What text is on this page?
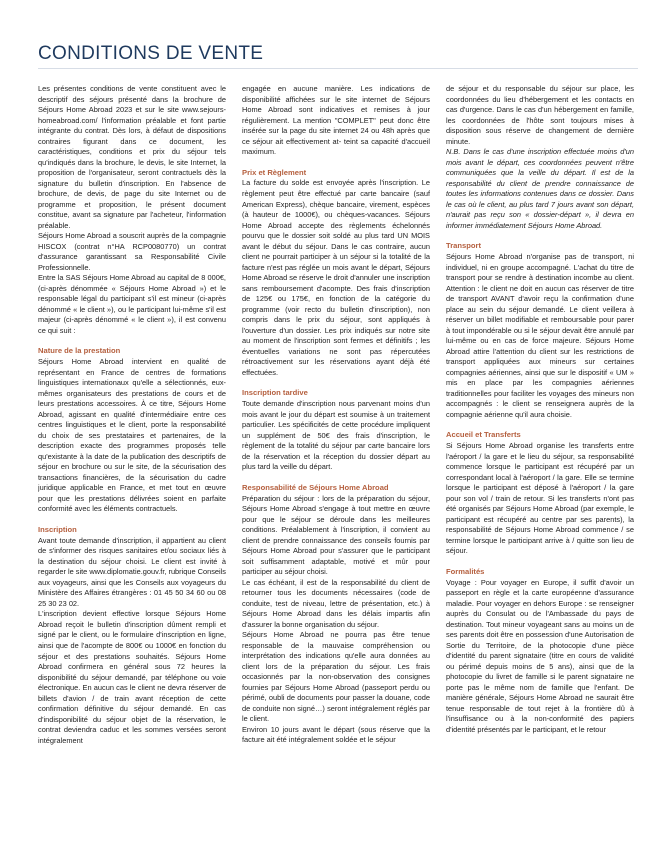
CONDITIONS DE VENTE

Les présentes conditions de vente constituent avec le descriptif des séjours présenté dans la brochure de Séjours Home Abroad 2023 et sur le site www.sejours-homeabroad.com/ l'information préalable et font partie intégrante du contrat. Dès lors, à défaut de dispositions contraires figurant dans ce document, les caractéristiques, conditions et prix du séjour tels qu'indiqués dans la brochure, le devis, le site Internet, la proposition de l'organisateur, seront contractuels dès la signature du bulletin d'inscription. En l'absence de brochure, de devis, de page du site Internet ou de programme et proposition, le présent document constitue, avant sa signature par l'acheteur, l'information préalable.

Séjours Home Abroad a souscrit auprès de la compagnie HISCOX (contrat n°HA RCP0080770) un contrat d'assurance garantissant sa Responsabilité Civile Professionnelle.

Entre la SAS Séjours Home Abroad au capital de 8 000€, (ci-après dénommée « Séjours Home Abroad ») et le responsable légal du participant s'il est mineur (ci-après dénommé « le client »), ou le participant lui-même s'il est majeur (ci-après dénommé « le client »), il est convenu ce qui suit :

Nature de la prestation

Séjours Home Abroad intervient en qualité de représentant en France de centres de formations linguistiques internationaux qu'elle a sélectionnés, eux-mêmes organisateurs des prestations de cours et de leurs prestations accessoires. À ce titre, Séjours Home Abroad, agissant en qualité d'intermédiaire entre ces centres linguistiques et le client, porte la responsabilité du choix de ses prestataires et partenaires, de la description exacte des programmes proposés telle qu'existante à la date de la publication des descriptifs de séjour en brochure ou sur le site, de la sécurisation des transactions financières, de la sécurisation du cadre juridique applicable en France, et met tout en œuvre pour que les prestations délivrées soient en parfaite conformité avec les éléments contractuels.

Inscription

Avant toute demande d'inscription, il appartient au client de s'informer des risques sanitaires et/ou sociaux liés à la destination du séjour choisi. Le client est invité à regarder le site www.diplomatie.gouv.fr, rubrique Conseils aux voyageurs, ainsi que les Conseils aux voyageurs du Ministère des Affaires étrangères : 01 45 50 34 60 ou 08 25 30 23 02.

L'inscription devient effective lorsque Séjours Home Abroad reçoit le bulletin d'inscription dûment rempli et signé par le client, ou le formulaire d'inscription en ligne, ainsi que de l'acompte de 800€ ou 1000€ en fonction du séjour et des prestations souhaités. Séjours Home Abroad confirmera en général sous 72 heures la disponibilité du séjour demandé, par téléphone ou voie électronique. En aucun cas le client ne devra réserver de billets d'avion / de train avant réception de cette confirmation définitive du séjour demandé. En cas d'indisponibilité du séjour objet de la réservation, le contrat deviendra caduc et les sommes versées seront intégralement

engagée en aucune manière. Les indications de disponibilité affichées sur le site internet de Séjours Home Abroad sont indicatives et remises à jour régulièrement. La mention "COMPLET" peut donc être insérée sur la page du site internet 24 ou 48h après que ce séjour ait effectivement at- teint sa capacité d'accueil maximum.

Prix et Règlement

La facture du solde est envoyée après l'inscription. Le règlement peut être effectué par carte bancaire (sauf American Express), chèque bancaire, virement, espèces (à hauteur de 1000€), ou chèques-vacances. Séjours Home Abroad accepte des règlements échelonnés pourvu que le dossier soit soldé au plus tard UN MOIS avant le début du séjour. Dans le cas contraire, aucun client ne pourrait participer à un séjour si la totalité de la facture n'est pas réglée un mois avant le départ, Séjours Home Abroad se réserve le droit d'annuler une inscription sans remboursement d'acompte. Des frais d'inscription de 125€ ou 175€, en fonction de la catégorie du programme (voir recto du bulletin d'inscription), non compris dans le prix du séjour, sont appliqués à l'ouverture d'un dossier. Les prix indiqués sur notre site au moment de l'inscription sont fermes et définitifs ; les éventuelles variations ne sont pas répercutées rétroactivement sur les réservations ayant déjà été effectuées.

Inscription tardive

Toute demande d'inscription nous parvenant moins d'un mois avant le jour du départ est soumise à un traitement particulier. Les spécificités de cette procédure impliquent un supplément de 50€ des frais d'inscription, le règlement de la totalité du séjour par carte bancaire lors de la réservation et la réception du dossier départ au plus tard la veille du départ.

Responsabilité de Séjours Home Abroad

Préparation du séjour : lors de la préparation du séjour, Séjours Home Abroad s'engage à tout mettre en œuvre pour que le séjour se déroule dans les meilleures conditions. Préalablement à l'inscription, il convient au client de prendre connaissance des conseils fournis par Séjours Home Abroad pour s'assurer que le participant soit suffisamment adaptable, motivé et mûr pour participer au séjour choisi.

Le cas échéant, il est de la responsabilité du client de retourner tous les documents nécessaires (code de conduite, test de niveau, lettre de présentation, etc.) à Séjours Home Abroad dans les délais impartis afin d'assurer la bonne organisation du séjour.

Séjours Home Abroad ne pourra pas être tenue responsable de la mauvaise compréhension ou interprétation des indications qu'elle aura données au client lors de la préparation du séjour. Les frais occasionnés par la non-observation des consignes fournies par Séjours Home Abroad (passeport perdu ou périmé, oubli de documents pour passer la douane, code de conduite non signé…) seront intégralement réglés par le client.

Environ 10 jours avant le départ (sous réserve que la facture ait été intégralement soldée et le séjour

de séjour et du responsable du séjour sur place, les coordonnées du lieu d'hébergement et les contacts en cas d'urgence. Dans le cas d'un hébergement en famille, les coordonnées de l'hôte sont toujours mises à disposition sous réserve de changement de dernière minute.

N.B. Dans le cas d'une inscription effectuée moins d'un mois avant le départ, ces coordonnées peuvent n'être communiquées que la veille du départ. Il est de la responsabilité du client de prendre connaissance de toutes les informations contenues dans ce dossier. Dans le cas où le client, au plus tard 7 jours avant son départ, n'aurait pas reçu son « dossier-départ », il devra en informer immédiatement Séjours Home Abroad.

Transport

Séjours Home Abroad n'organise pas de transport, ni individuel, ni en groupe accompagné. L'achat du titre de transport pour se rendre à destination incombe au client. Attention : le client ne doit en aucun cas réserver de titre de transport AVANT d'avoir reçu la confirmation d'une place au sein du séjour demandé. Le client veillera à réserver un billet modifiable et remboursable pour parer à tout impondérable ou si le séjour devait être annulé par lui-même ou en cas de force majeure. Séjours Home Abroad attire l'attention du client sur les restrictions de transport appliquées aux mineurs sur certaines compagnies aériennes, ainsi que sur le dispositif « UM » mis en place par les compagnies aériennes traditionnelles pour faciliter les voyages des mineurs non accompagnés : le client se renseignera auprès de la compagnie aérienne qu'il aura choisie.

Accueil et Transferts

Si Séjours Home Abroad organise les transferts entre l'aéroport / la gare et le lieu du séjour, sa responsabilité commence lorsque le participant est récupéré par un correspondant local à l'aéroport / la gare. Elle se termine lorsque le participant est déposé à l'aéroport / la gare pour son vol / train de retour. Si les transferts n'ont pas été organisés par Séjours Home Abroad (par exemple, le participant est récupéré au centre par ses parents), la responsabilité de Séjours Home Abroad commence / se termine lorsque le participant arrive à / quitte son lieu de séjour.

Formalités

Voyage : Pour voyager en Europe, il suffit d'avoir un passeport en règle et la carte européenne d'assurance maladie. Pour voyager en dehors Europe : se renseigner auprès du Consulat ou de l'Ambassade du pays de destination. Tout mineur voyageant sans au moins un de ses parents doit être en possession d'une Autorisation de Sortie du Territoire, de la photocopie d'une pièce d'identité du parent signataire (titre en cours de validité ou périmé depuis moins de 5 ans), ainsi que de la photocopie du livret de famille si le parent signataire ne porte pas le même nom de famille que l'enfant. De manière générale, Séjours Home Abroad ne saurait être tenue responsable de tout rejet à la frontière dû à l'insuffisance ou à la non-conformité des papiers d'identité présentés par le participant, et le retour
